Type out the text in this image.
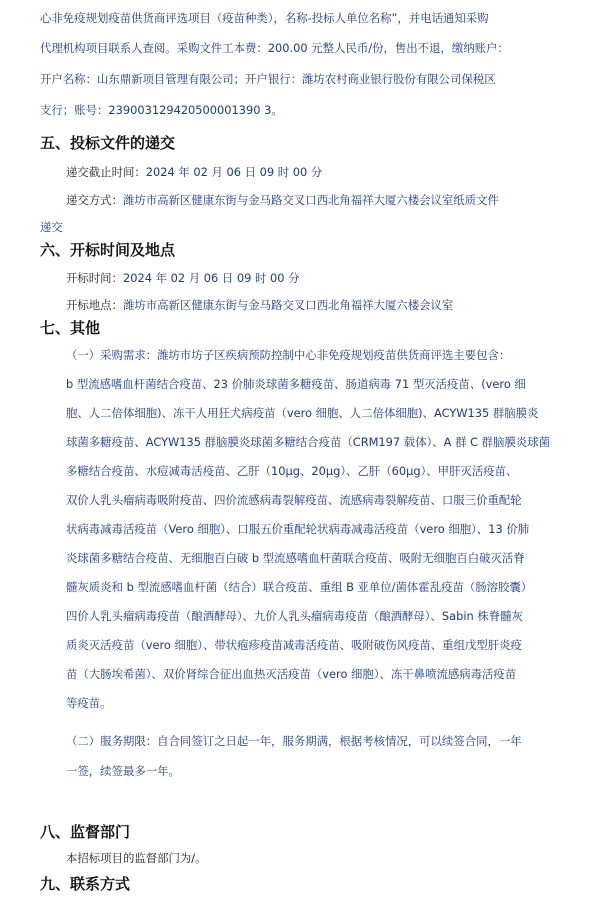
心非免疫规划疫苗供货商评选项目（疫苗种类），名称-投标人单位名称”，并电话通知采购
代理机构项目联系人查阅。采购文件工本费：200.00 元整人民币/份，售出不退，缴纳账户：
开户名称：山东鼎新项目管理有限公司；开户银行：潍坊农村商业银行股份有限公司保税区
支行；账号：239003129420500001390 3。
五、投标文件的递交
递交截止时间：2024 年 02 月 06 日 09 时 00 分
递交方式：潍坊市高新区健康东街与金马路交叉口西北角福祥大厦六楼会议室纸质文件
递交
六、开标时间及地点
开标时间：2024 年 02 月 06 日 09 时 00 分
开标地点：潍坊市高新区健康东街与金马路交叉口西北角福祥大厦六楼会议室
七、其他
（一）采购需求：潍坊市坊子区疾病预防控制中心非免疫规划疫苗供货商评选主要包含：
b 型流感嗜血杆菌结合疫苗、23 价肺炎球菌多糖疫苗、肠道病毒 71 型灭活疫苗、(vero 细
胞、人二倍体细胞)、冻干人用狂犬病疫苗（vero 细胞、人二倍体细胞)、ACYW135 群脑膜炎
球菌多糖疫苗、ACYW135 群脑膜炎球菌多糖结合疫苗（CRM197 载体）、A 群 C 群脑膜炎球菌
多糖结合疫苗、水痘减毒活疫苗、乙肝（10μg、20μg）、乙肝（60μg）、甲肝灭活疫苗、
双价人乳头瘤病毒吸附疫苗、四价流感病毒裂解疫苗、流感病毒裂解疫苗、口服三价重配轮
状病毒减毒活疫苗（Vero 细胞）、口服五价重配轮状病毒减毒活疫苗（vero 细胞）、13 价肺
炎球菌多糖结合疫苗、无细胞百白破 b 型流感嗜血杆菌联合疫苗、吸附无细胞百白破灭活脊
髓灰质炎和 b 型流感嗜血杆菌（结合）联合疫苗、重组 B 亚单位/菌体霍乱疫苗（肠溶胶囊）
四价人乳头瘤病毒疫苗（酿酒酵母）、九价人乳头瘤病毒疫苗（酿酒酵母）、Sabin 株脊髓灰
质炎灭活疫苗（vero 细胞）、带状疱疹疫苗减毒活疫苗、吸附破伤风疫苗、重组戊型肝炎疫
苗（大肠埃希菌）、双价肾综合征出血热灭活疫苗（vero 细胞）、冻干鼻喷流感病毒活疫苗
等疫苗。
（二）服务期限：自合同签订之日起一年，服务期满，根据考核情况，可以续签合同，一年
一签，续签最多一年。
八、监督部门
本招标项目的监督部门为/。
九、联系方式
